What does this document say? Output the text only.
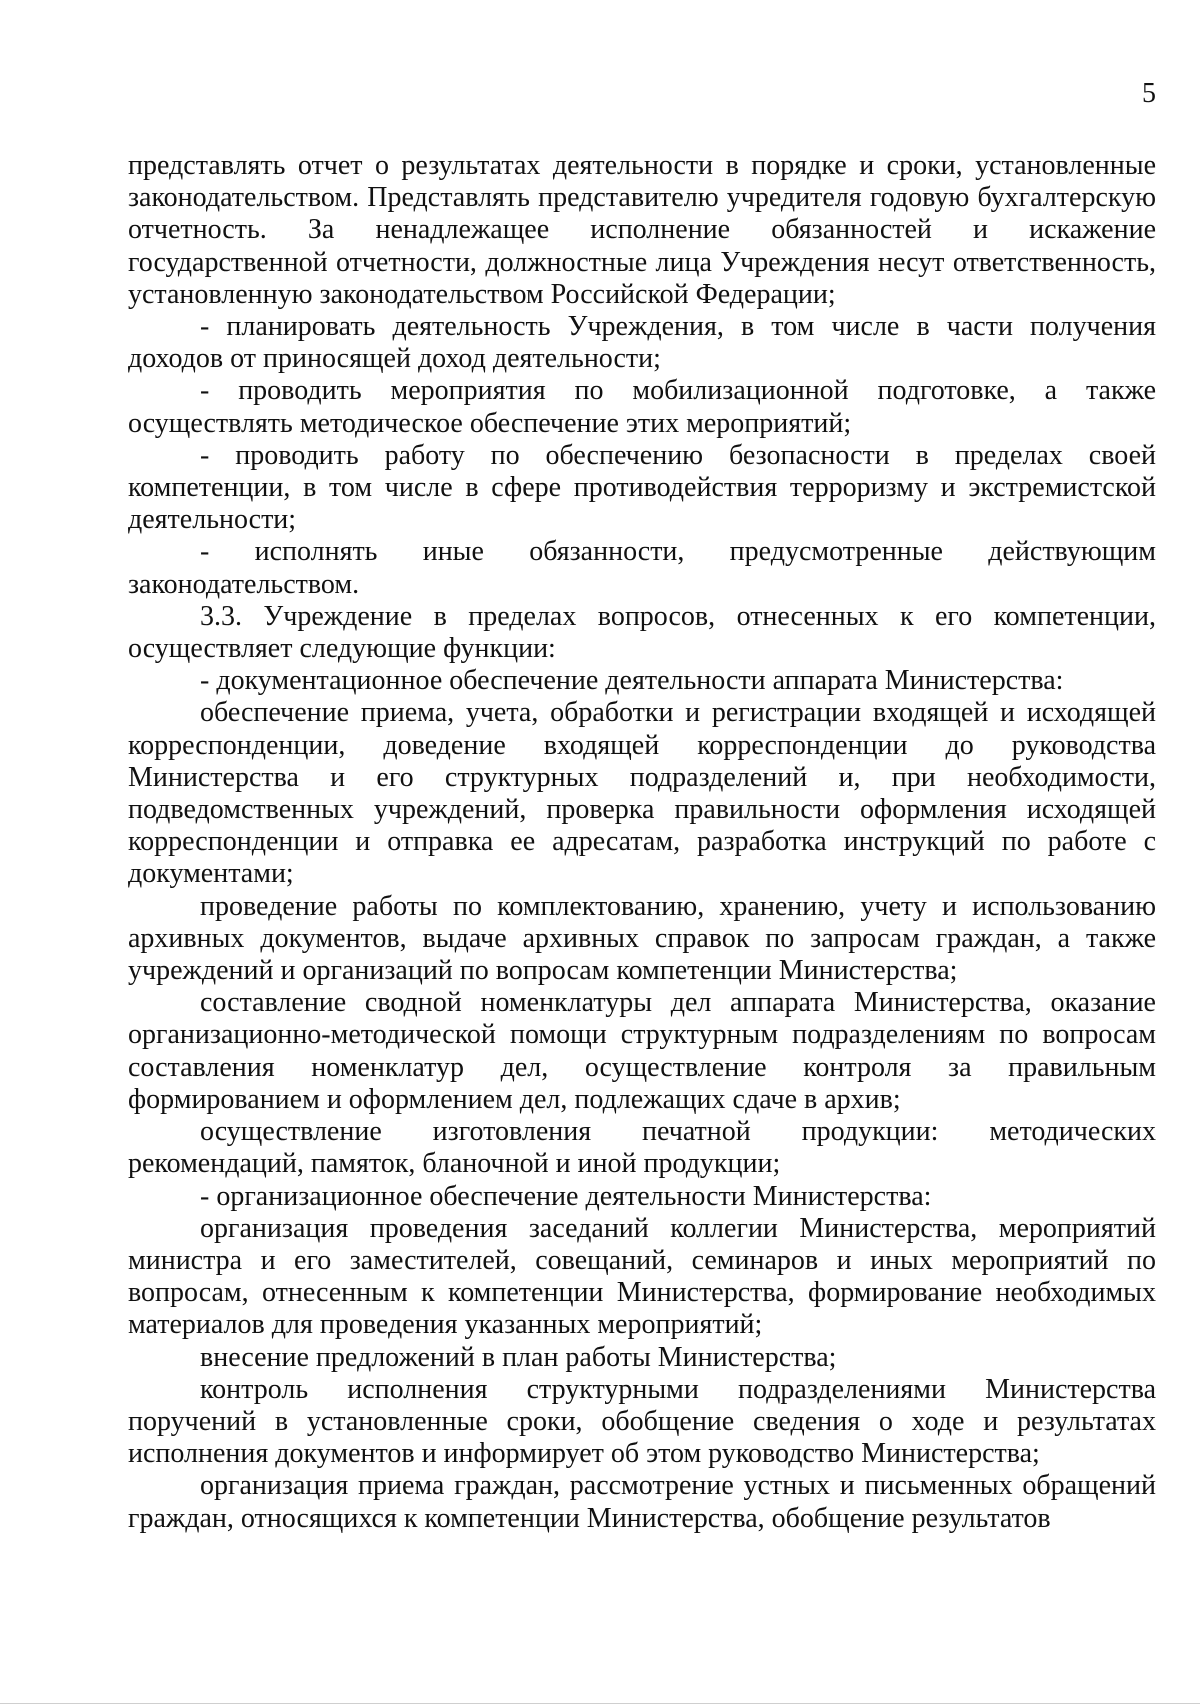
5

представлять отчет о результатах деятельности в порядке и сроки, установленные законодательством. Представлять представителю учредителя годовую бухгалтерскую отчетность. За ненадлежащее исполнение обязанностей и искажение государственной отчетности, должностные лица Учреждения несут ответственность, установленную законодательством Российской Федерации;

- планировать деятельность Учреждения, в том числе в части получения доходов от приносящей доход деятельности;

- проводить мероприятия по мобилизационной подготовке, а также осуществлять методическое обеспечение этих мероприятий;

- проводить работу по обеспечению безопасности в пределах своей компетенции, в том числе в сфере противодействия терроризму и экстремистской деятельности;

- исполнять иные обязанности, предусмотренные действующим законодательством.

3.3. Учреждение в пределах вопросов, отнесенных к его компетенции, осуществляет следующие функции:

- документационное обеспечение деятельности аппарата Министерства:

обеспечение приема, учета, обработки и регистрации входящей и исходящей корреспонденции, доведение входящей корреспонденции до руководства Министерства и его структурных подразделений и, при необходимости, подведомственных учреждений, проверка правильности оформления исходящей корреспонденции и отправка ее адресатам, разработка инструкций по работе с документами;

проведение работы по комплектованию, хранению, учету и использованию архивных документов, выдаче архивных справок по запросам граждан, а также учреждений и организаций по вопросам компетенции Министерства;

составление сводной номенклатуры дел аппарата Министерства, оказание организационно-методической помощи структурным подразделениям по вопросам составления номенклатур дел, осуществление контроля за правильным формированием и оформлением дел, подлежащих сдаче в архив;

осуществление изготовления печатной продукции: методических рекомендаций, памяток, бланочной и иной продукции;

- организационное обеспечение деятельности Министерства:

организация проведения заседаний коллегии Министерства, мероприятий министра и его заместителей, совещаний, семинаров и иных мероприятий по вопросам, отнесенным к компетенции Министерства, формирование необходимых материалов для проведения указанных мероприятий;

внесение предложений в план работы Министерства;

контроль исполнения структурными подразделениями Министерства поручений в установленные сроки, обобщение сведения о ходе и результатах исполнения документов и информирует об этом руководство Министерства;

организация приема граждан, рассмотрение устных и письменных обращений граждан, относящихся к компетенции Министерства, обобщение результатов
